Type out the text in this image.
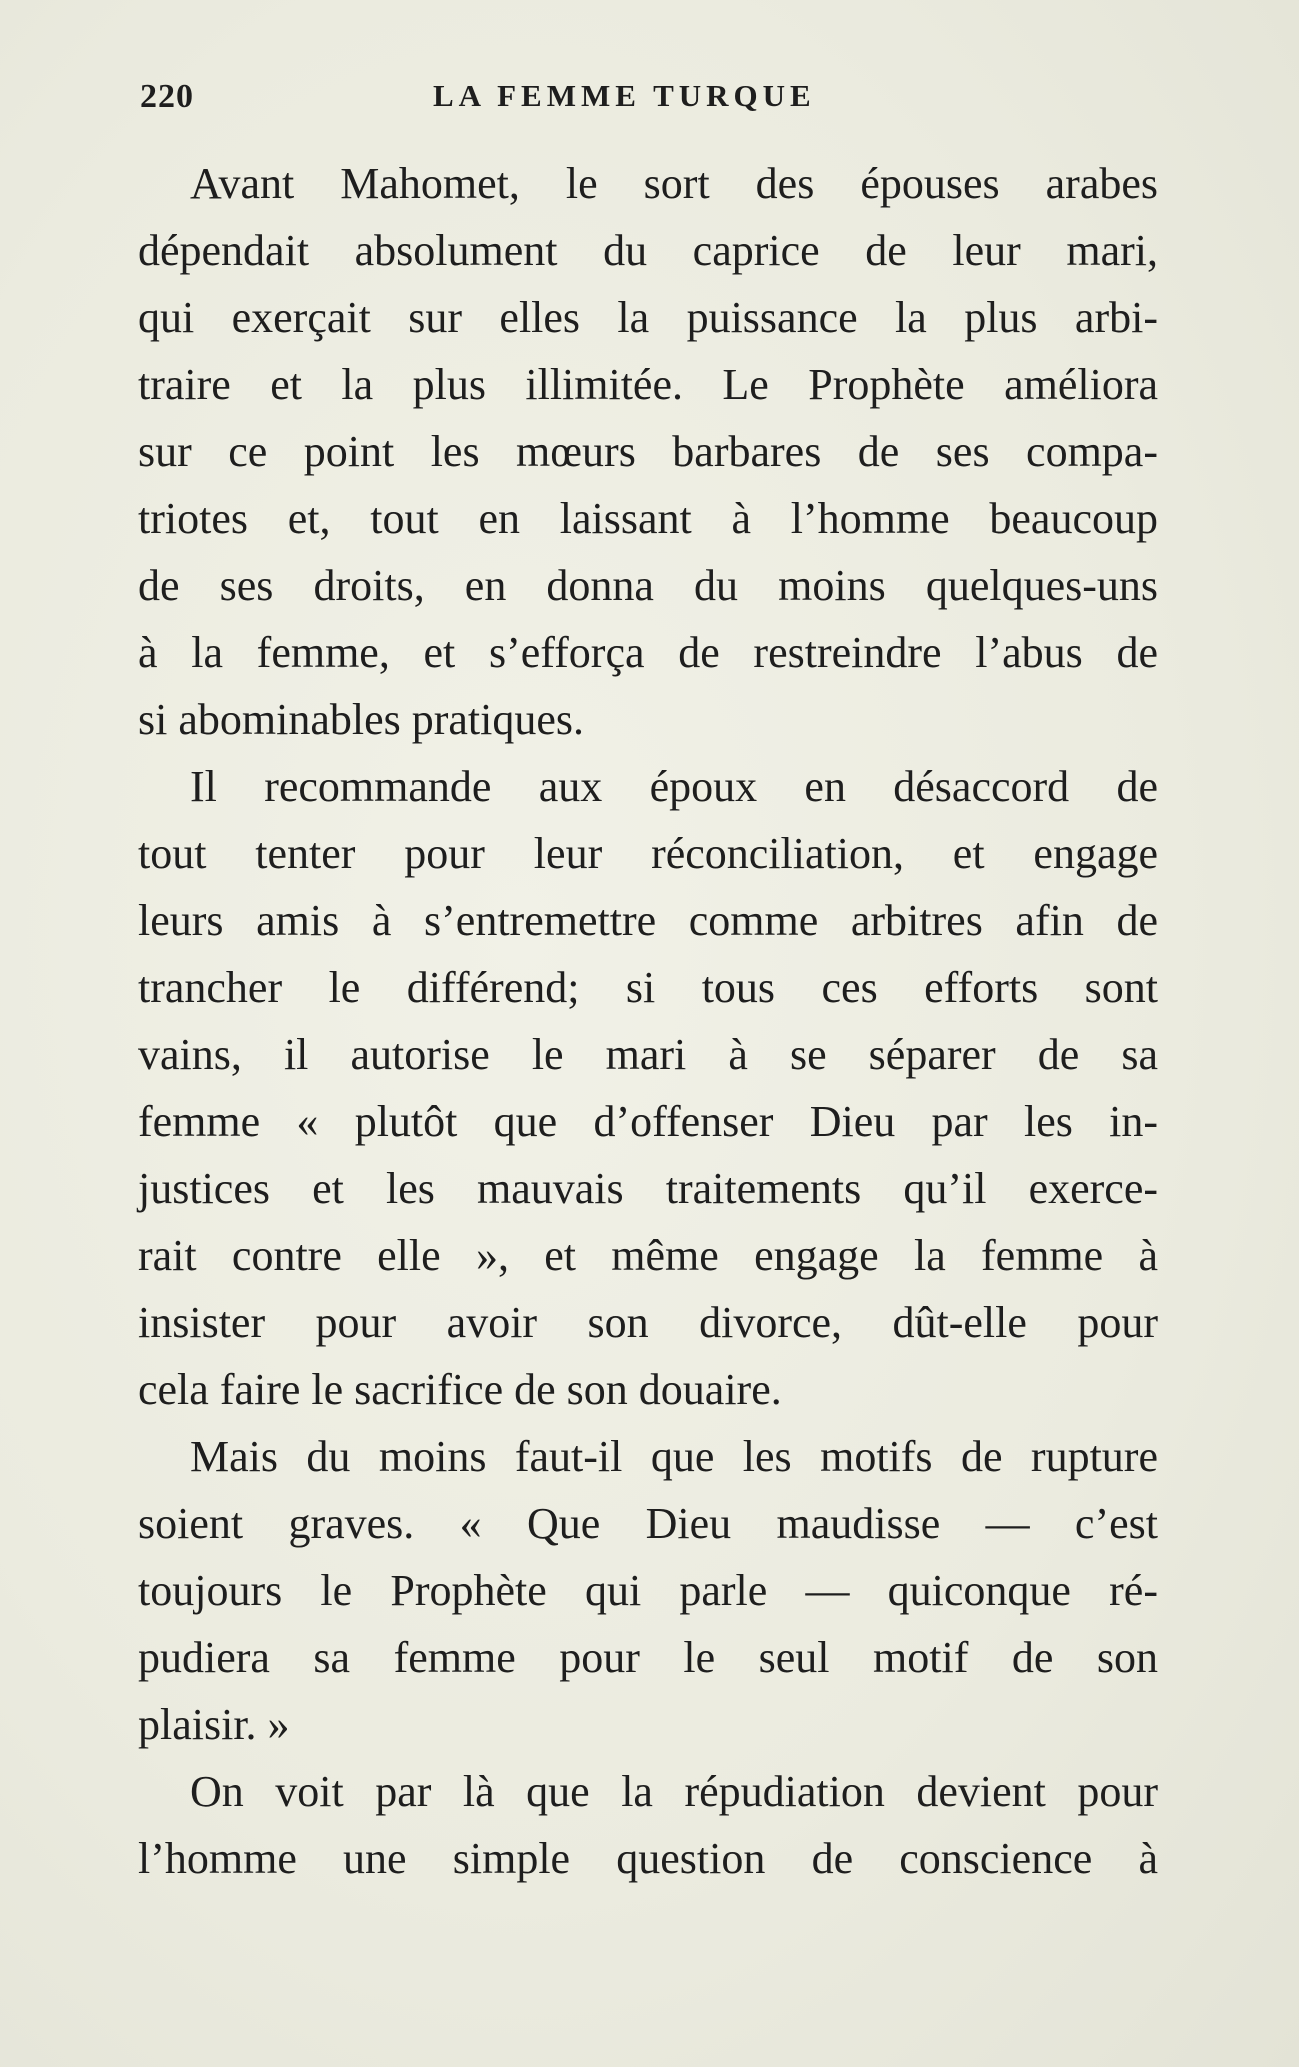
220	LA FEMME TURQUE
Avant Mahomet, le sort des épouses arabes
dépendait absolument du caprice de leur mari,
qui exerçait sur elles la puissance la plus arbi-
traire et la plus illimitée. Le Prophète améliora
sur ce point les mœurs barbares de ses compa-
triotes et, tout en laissant à l’homme beaucoup
de ses droits, en donna du moins quelques-uns
à la femme, et s’efforça de restreindre l’abus de
si abominables pratiques.
Il recommande aux époux en désaccord de
tout tenter pour leur réconciliation, et engage
leurs amis à s’entremettre comme arbitres afin de
trancher le différend; si tous ces efforts sont
vains, il autorise le mari à se séparer de sa
femme « plutôt que d’offenser Dieu par les in-
justices et les mauvais traitements qu’il exerce-
rait contre elle », et même engage la femme à
insister pour avoir son divorce, dût-elle pour
cela faire le sacrifice de son douaire.
Mais du moins faut-il que les motifs de rupture
soient graves. « Que Dieu maudisse — c’est
toujours le Prophète qui parle — quiconque ré-
pudiera sa femme pour le seul motif de son
plaisir. »
On voit par là que la répudiation devient pour
l’homme une simple question de conscience à
